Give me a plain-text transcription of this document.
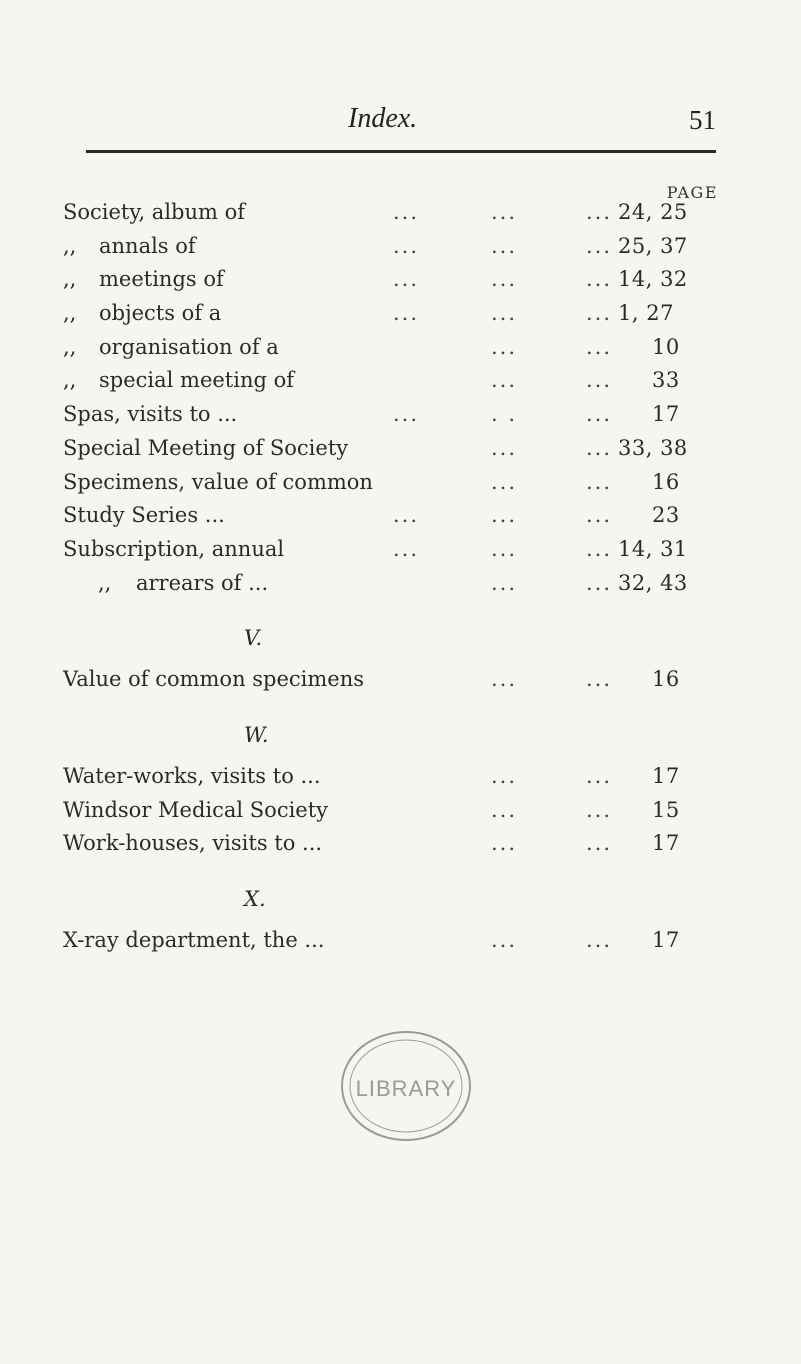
Index.	51
PAGE
Society, album of	...	...	... 24, 25
,, annals of	...	...	... 25, 37
,, meetings of	...	...	... 14, 32
,, objects of a	...	...	... 1, 27
,, organisation of a	...	... 10
,, special meeting of	...	... 33
Spas, visits to ...	...	. .	... 17
Special Meeting of Society	...	... 33, 38
Specimens, value of common	...	... 16
Study Series ...	...	...	... 23
Subscription, annual	...	...	... 14, 31
,, arrears of ...	...	... 32, 43
V.
Value of common specimens	...	... 16
W.
Water-works, visits to ...	...	... 17
Windsor Medical Society	...	... 15
Work-houses, visits to ...	...	... 17
X.
X-ray department, the ...	...	... 17
LIBRARY
